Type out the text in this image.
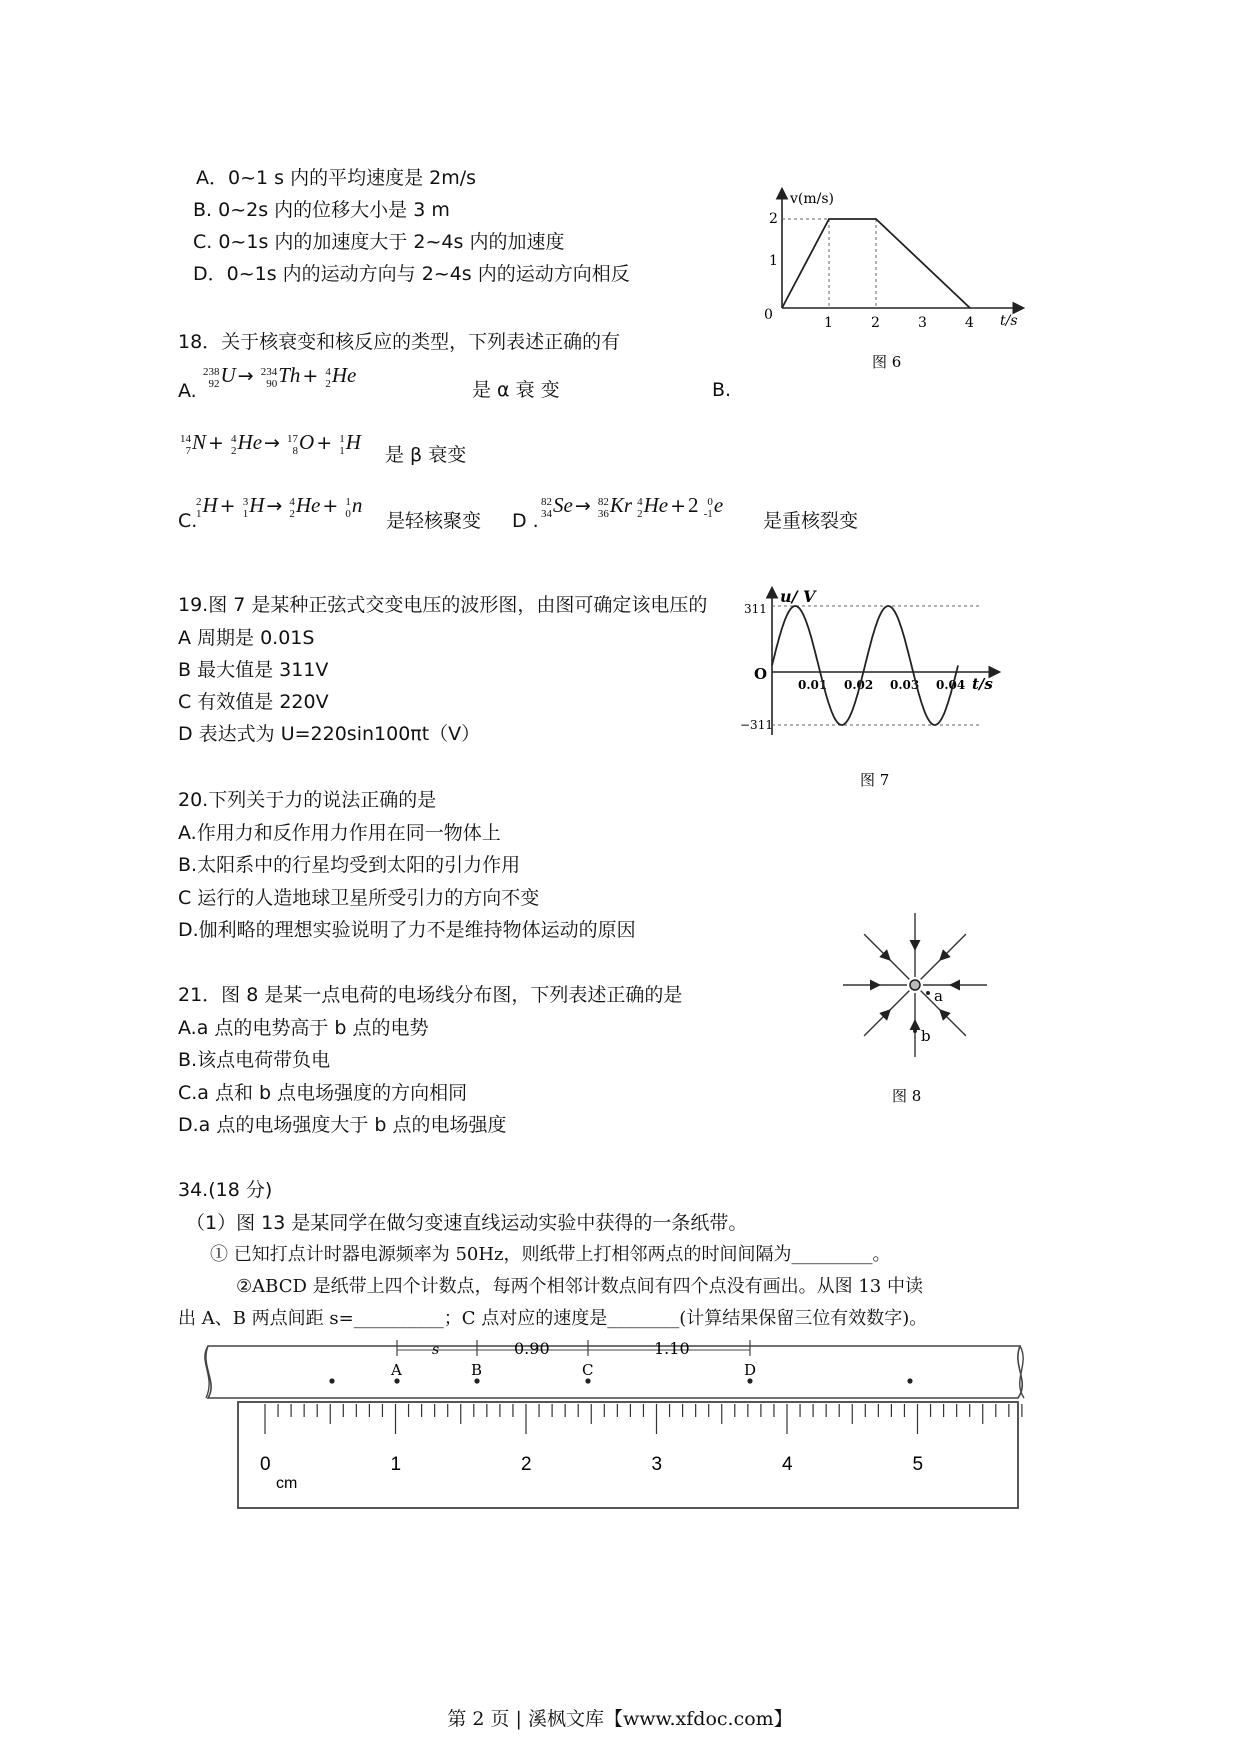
A．0~1 s 内的平均速度是 2m/s
B. 0~2s 内的位移大小是 3 m
C. 0~1s 内的加速度大于 2~4s 内的加速度
D．0~1s 内的运动方向与 2~4s 内的运动方向相反
v(m/s)
t/s
0
1
2
1	2	3	4
图 6
18．关于核衰变和核反应的类型，下列表述正确的有
A.
238
92 U → 234
90 Th + 4
2 He
是 α 衰 变	B.
14
7 N + 4
2 He → 17
8 O + 1
1 H
是 β 衰变
C.
2
1 H + 3
1 H → 4
2 He + 1
0 n
是轻核聚变 D .
82
34 Se → 82
36 Kr 4
2 He +2 0
-1 e
是重核裂变
19.图 7 是某种正弦式交变电压的波形图，由图可确定该电压的
A 周期是 0.01S
B 最大值是 311V
C 有效值是 220V
D 表达式为 U=220sin100πt（V）
u/ V
t/s
O
311
−311
0.01 0.02 0.03 0.04
图 7
20.下列关于力的说法正确的是
A.作用力和反作用力作用在同一物体上
B.太阳系中的行星均受到太阳的引力作用
C 运行的人造地球卫星所受引力的方向不变
D.伽利略的理想实验说明了力不是维持物体运动的原因
a
b
图 8
21．图 8 是某一点电荷的电场线分布图，下列表述正确的是
A.a 点的电势高于 b 点的电势
B.该点电荷带负电
C.a 点和 b 点电场强度的方向相同
D.a 点的电场强度大于 b 点的电场强度
34.(18 分)
（1）图 13 是某同学在做匀变速直线运动实验中获得的一条纸带。
① 已知打点计时器电源频率为 50Hz，则纸带上打相邻两点的时间间隔为_________。
②ABCD 是纸带上四个计数点，每两个相邻计数点间有四个点没有画出。从图 13 中读
出 A、B 两点间距 s=__________；C 点对应的速度是________(计算结果保留三位有效数字)。
s	0.90	1.10
A	B	C	D
0	1	2	3	4	5
cm
第 2 页 | 溪枫文库【www.xfdoc.com】
